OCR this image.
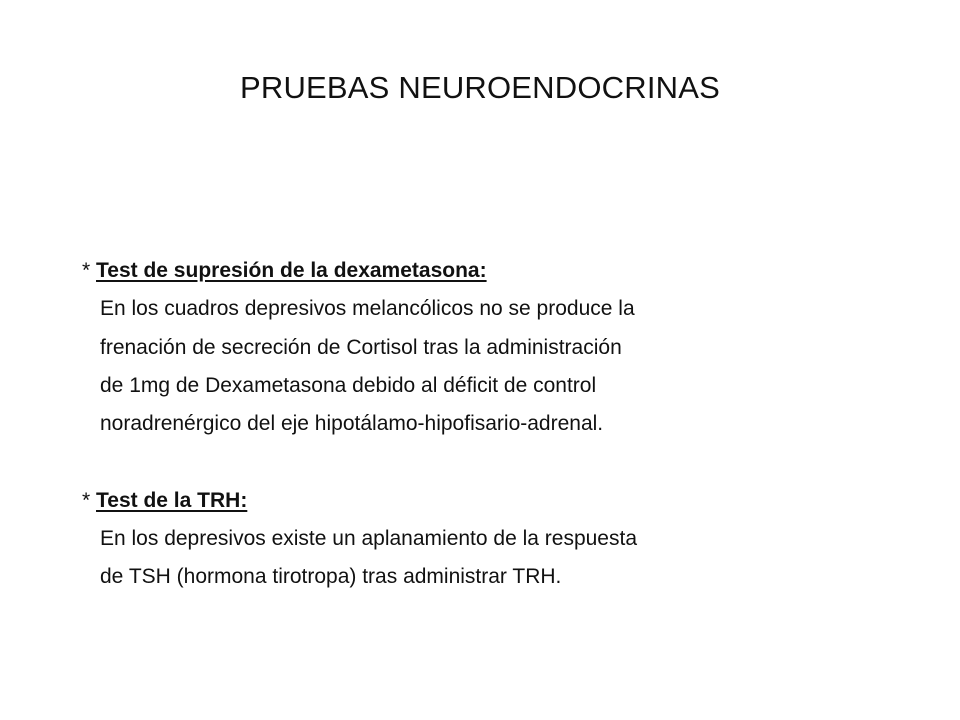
PRUEBAS NEUROENDOCRINAS
* Test de supresión de la dexametasona:
En los cuadros depresivos melancólicos no se produce la
frenación de secreción de Cortisol tras la administración
de 1mg de Dexametasona debido al déficit de control
noradrenérgico del eje hipotálamo-hipofisario-adrenal.
* Test de la TRH:
En los depresivos existe un aplanamiento de la respuesta
de TSH (hormona tirotropa) tras administrar TRH.
